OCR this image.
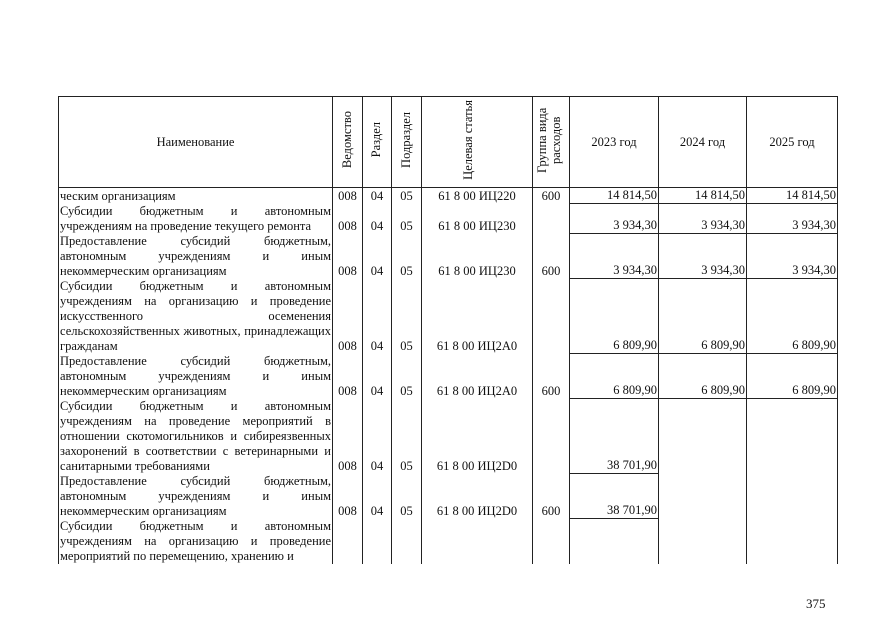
Наименование	Ведомство	Раздел	Подраздел	Целевая статья	Группа вида расходов	2023 год	2024 год	2025 год
ческим организациям	008	04	05	61 8 00 ИЦ220	600	14 814,50	14 814,50	14 814,50
Субсидии бюджетным и автономным учреждениям на проведение текущего ремонта	008	04	05	61 8 00 ИЦ230		3 934,30	3 934,30	3 934,30
Предоставление субсидий бюджетным, автономным учреждениям и иным некоммерческим организациям	008	04	05	61 8 00 ИЦ230	600	3 934,30	3 934,30	3 934,30
Субсидии бюджетным и автономным учреждениям на организацию и проведение искусственного осеменения сельскохозяйственных животных, принадлежащих гражданам	008	04	05	61 8 00 ИЦ2А0		6 809,90	6 809,90	6 809,90
Предоставление субсидий бюджетным, автономным учреждениям и иным некоммерческим организациям	008	04	05	61 8 00 ИЦ2А0	600	6 809,90	6 809,90	6 809,90
Субсидии бюджетным и автономным учреждениям на проведение мероприятий в отношении скотомогильников и сибиреязвенных захоронений в соответствии с ветеринарными и санитарными требованиями	008	04	05	61 8 00 ИЦ2D0		38 701,90		
Предоставление субсидий бюджетным, автономным учреждениям и иным некоммерческим организациям	008	04	05	61 8 00 ИЦ2D0	600	38 701,90		
Субсидии бюджетным и автономным учреждениям на организацию и проведение мероприятий по перемещению, хранению и								
375
